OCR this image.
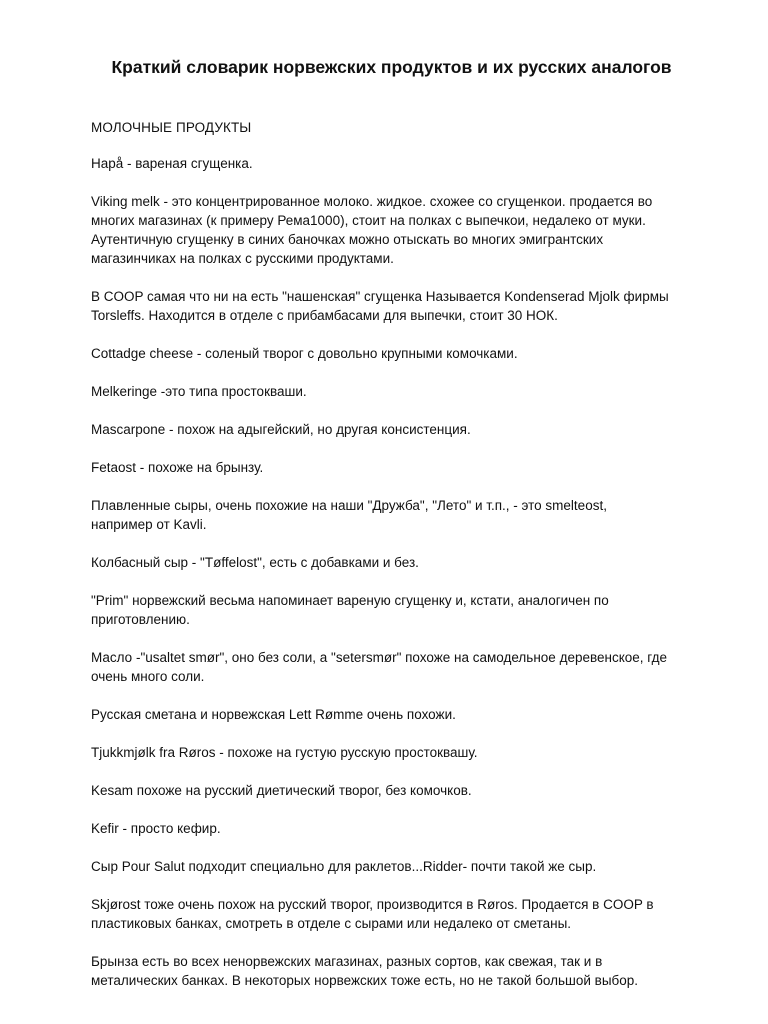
Краткий словарик норвежских продуктов и их русских аналогов
МОЛОЧНЫЕ ПРОДУКТЫ
Hapå - вареная сгущенка.
Viking melk - это концентрированное молоко. жидкое. схожее со сгущенкои. продается во
многих магазинах (к примеру Рема1000), стоит на полках с выпечкои, недалеко от муки.
Аутентичную сгущенку в синих баночках можно отыскать во многих эмигрантских
магазинчиках на полках с русскими продуктами.
В COOP самая что ни на есть "нашенская" сгущенка Называется Kondenserad Mjolk фирмы
Torsleffs. Находится в отделе с прибамбасами для выпечки, стоит 30 НОК.
Cottadge cheese - соленый творог с довольно крупными комочками.
Melkeringe -это типа простокваши.
Mascarpone - похож на адыгейский, но другая консистенция.
Fetaost - похоже на брынзу.
Плавленные сыры, очень похожие на наши "Дружба", "Лето" и т.п., - это smelteost,
например от Kavli.
Колбасный сыр - "Tøffelost", есть с добавками и без.
"Prim" норвежский весьма напоминает вареную сгущенку и, кстати, аналогичен по
приготовлению.
Масло -"usaltet smør", оно без соли, а "setersmør" похоже на самодельное деревенское, где
очень много соли.
Русская сметана и норвежская Lett Rømme очень похожи.
Tjukkmjølk fra Røros - похоже на густую русскую простоквашу.
Kesam похоже на русский диетический творог, без комочков.
Kefir - просто кефир.
Сыр Pour Salut подходит специально для раклетов...Ridder- почти такой же сыр.
Skjørost тоже очень похож на русский творог, производится в Røros. Продается в COOP в
пластиковых банках, смотреть в отделе с сырами или недалеко от сметаны.
Брынза есть во всех ненорвежских магазинах, разных сортов, как свежая, так и в
металических банках. В некоторых норвежских тоже есть, но не такой большой выбор.
